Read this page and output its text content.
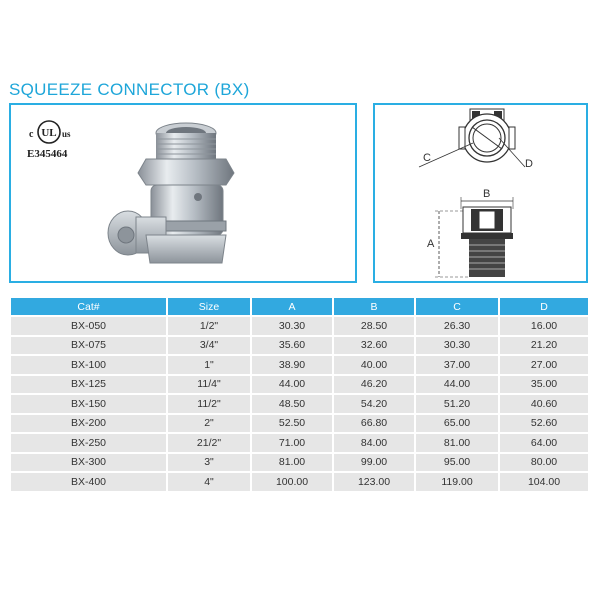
SQUEEZE CONNECTOR (BX)
c UL us
E345464	C	D
B
A
Cat#	Size	A	B	C	D
BX-050	1/2"	30.30	28.50	26.30	16.00
BX-075	3/4"	35.60	32.60	30.30	21.20
BX-100	1"	38.90	40.00	37.00	27.00
BX-125	11/4"	44.00	46.20	44.00	35.00
BX-150	11/2"	48.50	54.20	51.20	40.60
BX-200	2"	52.50	66.80	65.00	52.60
BX-250	21/2"	71.00	84.00	81.00	64.00
BX-300	3"	81.00	99.00	95.00	80.00
BX-400	4"	100.00	123.00	119.00	104.00
